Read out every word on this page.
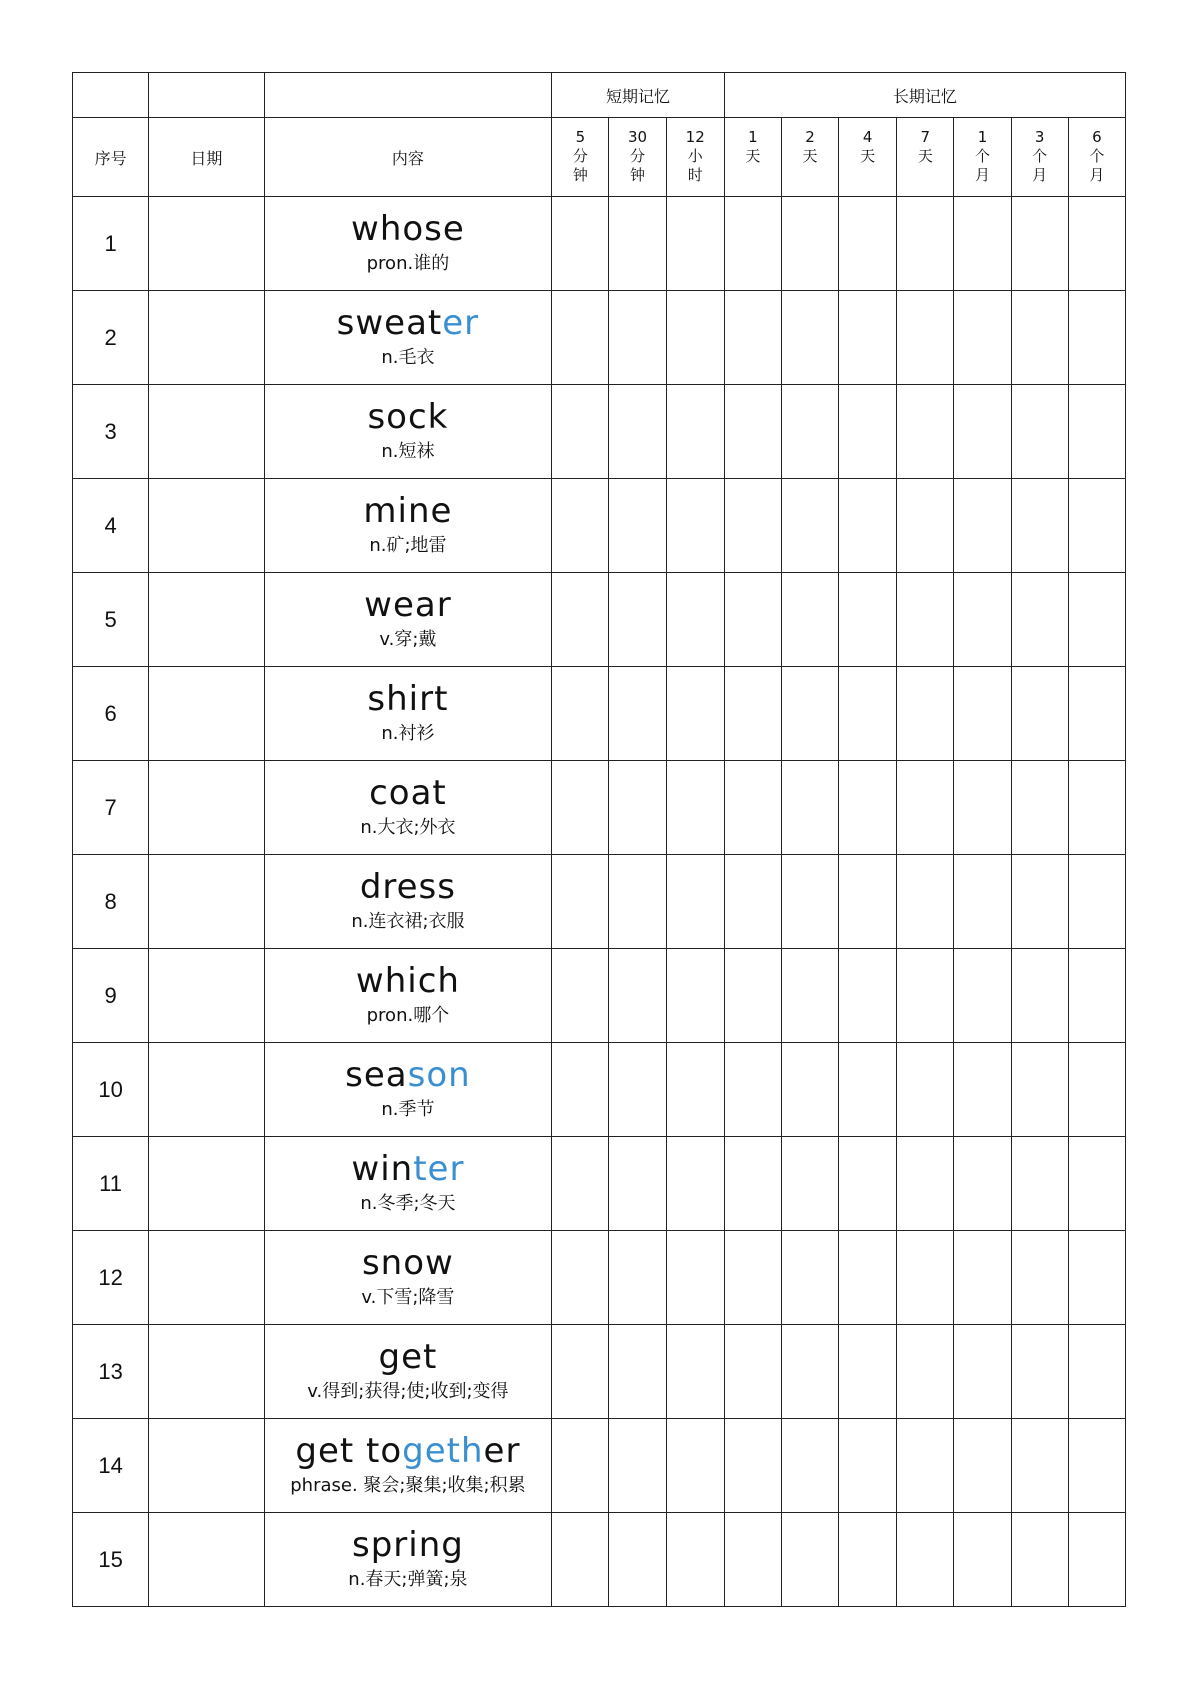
			短期记忆			长期记忆						
序号	日期	内容	5
分
钟	30
分
钟	12
小
时	1
天	2
天	4
天	7
天	1
个
月	3
个
月	6
个
月

1		whose
pron.谁的										

2		sweater
n.毛衣										

3		sock
n.短袜										

4		mine
n.矿;地雷										

5		wear
v.穿;戴										

6		shirt
n.衬衫										

7		coat
n.大衣;外衣										

8		dress
n.连衣裙;衣服										

9		which
pron.哪个										

10		season
n.季节										

11		winter
n.冬季;冬天										

12		snow
v.下雪;降雪										

13		get
v.得到;获得;使;收到;变得										

14		get together
phrase. 聚会;聚集;收集;积累										

15		spring
n.春天;弹簧;泉										
